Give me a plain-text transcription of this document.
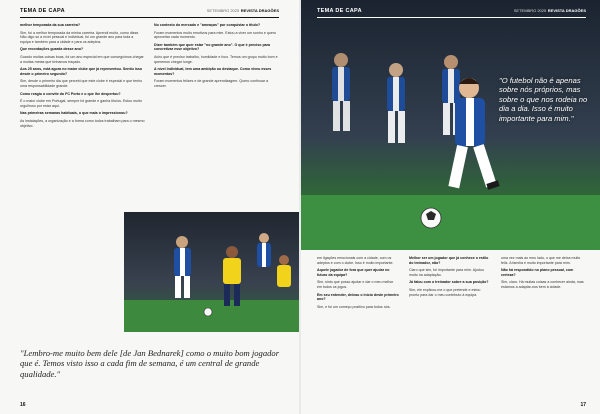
TEMA DE CAPA	SETEMBRO 2025 REVISTA DRAGÕES

melhor temporada da sua carreira?

Sim, foi a melhor temporada da minha carreira. Aprendi muito, como disse. Não digo só a nível pessoal e individual, foi um grande ano para toda a equipa e também para a cidade e para os adeptos.

Que recordações guarda desse ano?

Guardo muitas coisas boas, foi um ano especial em que conseguimos chegar a muitas metas que tínhamos traçado.

Aos 25 anos, está agora no maior clube que já representou. Sentiu isso desde o primeiro segundo?

Sim, desde o primeiro dia que percebi que este clube é especial e que tenho uma responsabilidade grande.

Como reagiu o convite do FC Porto e o que lhe despertou?

É o maior clube em Portugal, sempre foi grande e ganha títulos. Estou muito orgulhoso por estar aqui.

Nas primeiras semanas habituais, o que mais o impressionou?

As instalações, a organização e a forma como todos trabalham para o mesmo objetivo.

No contexto do mercado e "ameaças" por conquistar o título?

Foram momentos muito emotivos para mim. Estou a viver um sonho e quero aproveitar cada momento.

Dizer também que quer estar "no grande ano". O que é preciso para concretizar esse objetivo?

Acho que é preciso trabalho, humildade e foco. Temos um grupo muito bom e queremos chegar longe.

A nível individual, tem uma ambição ou destaque. Como viveu esses momentos?

Foram momentos felizes e de grande aprendizagem. Quero continuar a crescer.

"Lembro-me muito bem dele [de Jan Bednarek] como o muito bom jogador que é. Temos visto isso a cada fim de semana, é um central de grande qualidade."
16
"O futebol não é apenas sobre nós próprios, mas sobre o que nos rodeia no dia a dia. Isso é muito importante para mim."
TEMA DE CAPA	SETEMBRO 2025 REVISTA DRAGÕES

em ligações emocionais com a cidade, com os adeptos e com o clube. Isso é muito importante.

Aquele jogador de fora que quer ajudar no futuro da equipa?

Sim, sinto que posso ajudar e dar o meu melhor em todos os jogos.

Em seu entender, deixou o início deste primeiro ano?

Sim, e foi um começo positivo para todos nós.

Melhor ser um jogador que já conhece o estilo do treinador, não?

Claro que sim, foi importante para mim. Ajudou muito na adaptação.

Já falou com o treinador sobre a sua posição?

Sim, ele explicou-me o que pretende e estou pronto para dar o meu contributo à equipa.

uma vez mais ao meu lado, o que me deixa muito feliz. A família é muito importante para mim.

Não há respondido no plano pessoal, com certeza?

Sim, claro. Há muitas coisas a conhecer ainda, mas estamos a adaptar-nos bem à cidade.

17
